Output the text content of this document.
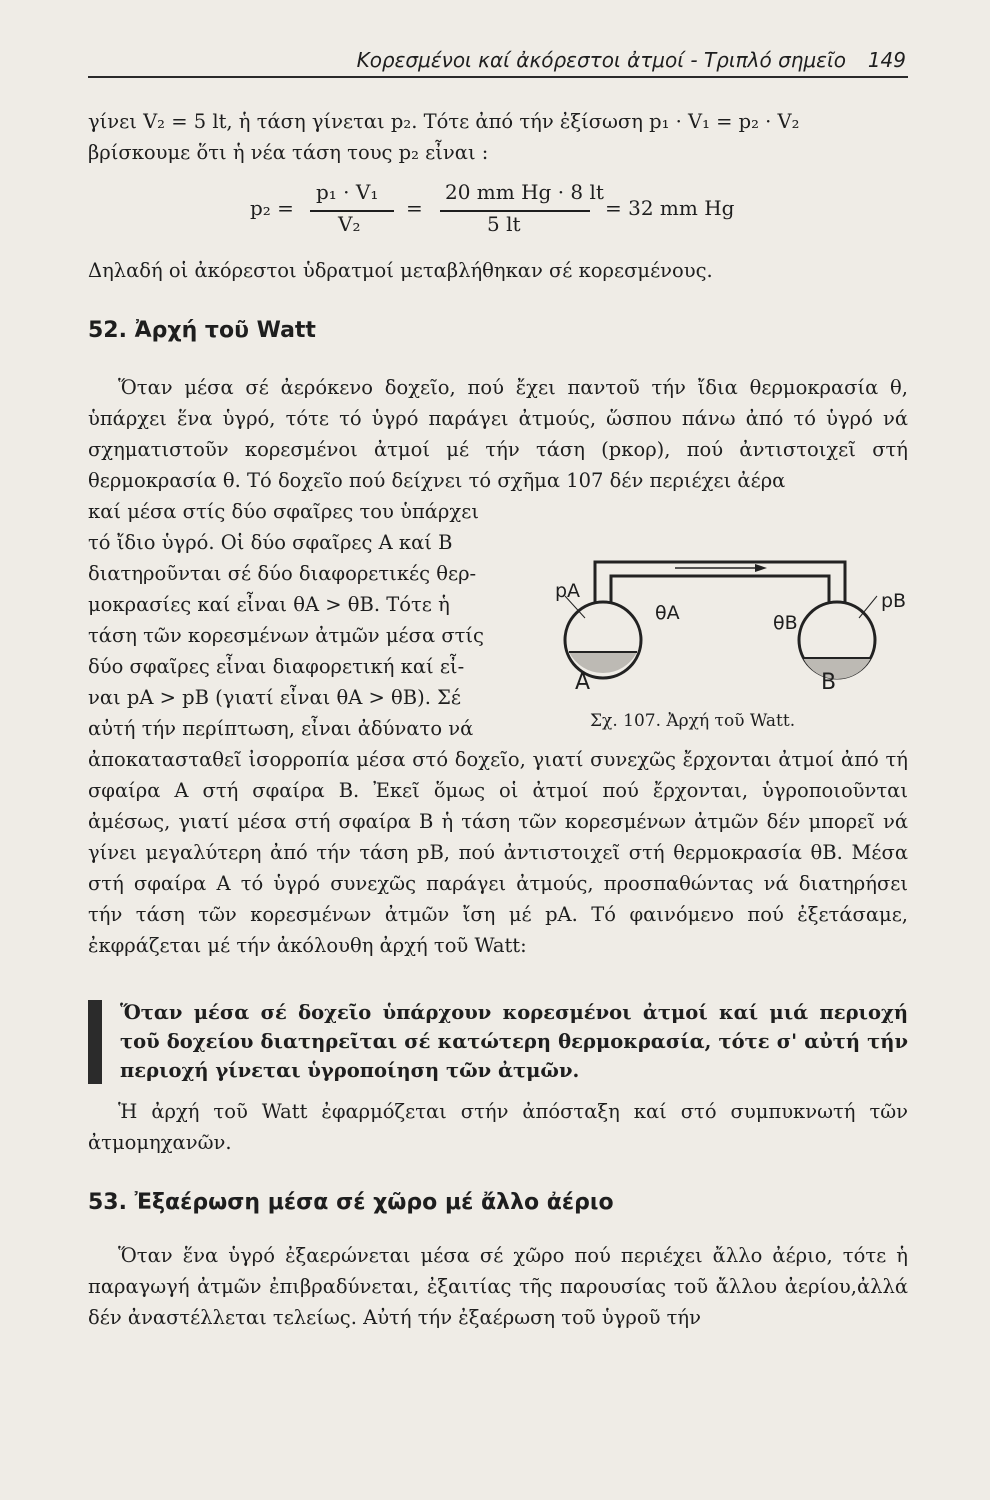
Κορεσμένοι καί ἀκόρεστοι ἀτμοί - Τριπλό σημεῖο 149
γίνει V₂ = 5 lt, ἡ τάση γίνεται p₂. Τότε ἀπό τήν ἐξίσωση p₁ · V₁ = p₂ · V₂
βρίσκουμε ὅτι ἡ νέα τάση τους p₂ εἶναι :
p₂ =
p₁ · V₁
V₂
=
20 mm Hg · 8 lt
5 lt
= 32 mm Hg
Δηλαδή οἱ ἀκόρεστοι ὑδρατμοί μεταβλήθηκαν σέ κορεσμένους.
52. Ἀρχή τοῦ Watt
Ὅταν μέσα σέ ἀερόκενο δοχεῖο, πού ἔχει παντοῦ τήν ἴδια θερμοκρασία θ, ὑπάρχει ἕνα ὑγρό, τότε τό ὑγρό παράγει ἀτμούς, ὥσπου πάνω ἀπό τό ὑγρό νά σχηματιστοῦν κορεσμένοι ἀτμοί μέ τήν τάση (pκορ), πού ἀντιστοιχεῖ στή θερμοκρασία θ. Τό δοχεῖο πού δείχνει τό σχῆμα 107 δέν περιέχει ἀέρα
καί μέσα στίς δύο σφαῖρες του ὑπάρχει
τό ἴδιο ὑγρό. Οἱ δύο σφαῖρες A καί B
διατηροῦνται σέ δύο διαφορετικές θερ-
μοκρασίες καί εἶναι θA > θB. Τότε ἡ
τάση τῶν κορεσμένων ἀτμῶν μέσα στίς
δύο σφαῖρες εἶναι διαφορετική καί εἶ-
ναι pA > pB (γιατί εἶναι θA > θB). Σέ
αὐτή τήν περίπτωση, εἶναι ἀδύνατο νά
pA	pB
θA	θB
A	B
Σχ. 107. Ἀρχή τοῦ Watt.
ἀποκατασταθεῖ ἰσορροπία μέσα στό δοχεῖο, γιατί συνεχῶς ἔρχονται ἀτμοί ἀπό τή σφαίρα A στή σφαίρα B. Ἐκεῖ ὅμως οἱ ἀτμοί πού ἔρχονται, ὑγροποιοῦνται ἀμέσως, γιατί μέσα στή σφαίρα B ἡ τάση τῶν κορεσμένων ἀτμῶν δέν μπορεῖ νά γίνει μεγαλύτερη ἀπό τήν τάση pB, πού ἀντιστοιχεῖ στή θερμοκρασία θB. Μέσα στή σφαίρα A τό ὑγρό συνεχῶς παράγει ἀτμούς, προσπαθώντας νά διατηρήσει τήν τάση τῶν κορεσμένων ἀτμῶν ἴση μέ pA. Τό φαινόμενο πού ἐξετάσαμε, ἐκφράζεται μέ τήν ἀκόλουθη ἀρχή τοῦ Watt:
Ὅταν μέσα σέ δοχεῖο ὑπάρχουν κορεσμένοι ἀτμοί καί μιά περιοχή τοῦ δοχείου διατηρεῖται σέ κατώτερη θερμοκρασία, τότε σ' αὐτή τήν περιοχή γίνεται ὑγροποίηση τῶν ἀτμῶν.
Ἡ ἀρχή τοῦ Watt ἐφαρμόζεται στήν ἀπόσταξη καί στό συμπυκνωτή τῶν ἀτμομηχανῶν.
53. Ἐξαέρωση μέσα σέ χῶρο μέ ἄλλο ἀέριο
Ὅταν ἕνα ὑγρό ἐξαερώνεται μέσα σέ χῶρο πού περιέχει ἄλλο ἀέριο, τότε ἡ παραγωγή ἀτμῶν ἐπιβραδύνεται, ἐξαιτίας τῆς παρουσίας τοῦ ἄλλου ἀερίου,ἀλλά δέν ἀναστέλλεται τελείως. Αὐτή τήν ἐξαέρωση τοῦ ὑγροῦ τήν
